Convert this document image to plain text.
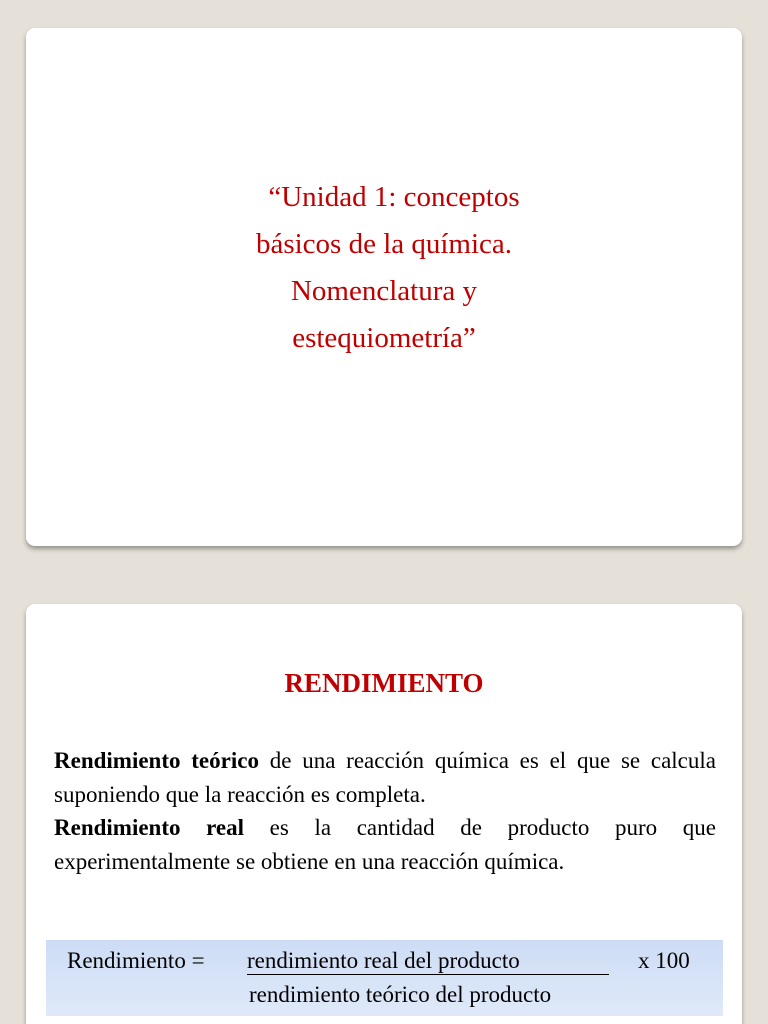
“Unidad 1: conceptos
básicos de la química.
Nomenclatura y
estequiometría”
RENDIMIENTO

Rendimiento teórico de una reacción química es el que se calcula suponiendo que la reacción es completa.

Rendimiento real es la cantidad de producto puro que experimentalmente se obtiene en una reacción química.

Rendimiento = rendimiento real del producto	x 100
rendimiento teórico del producto
